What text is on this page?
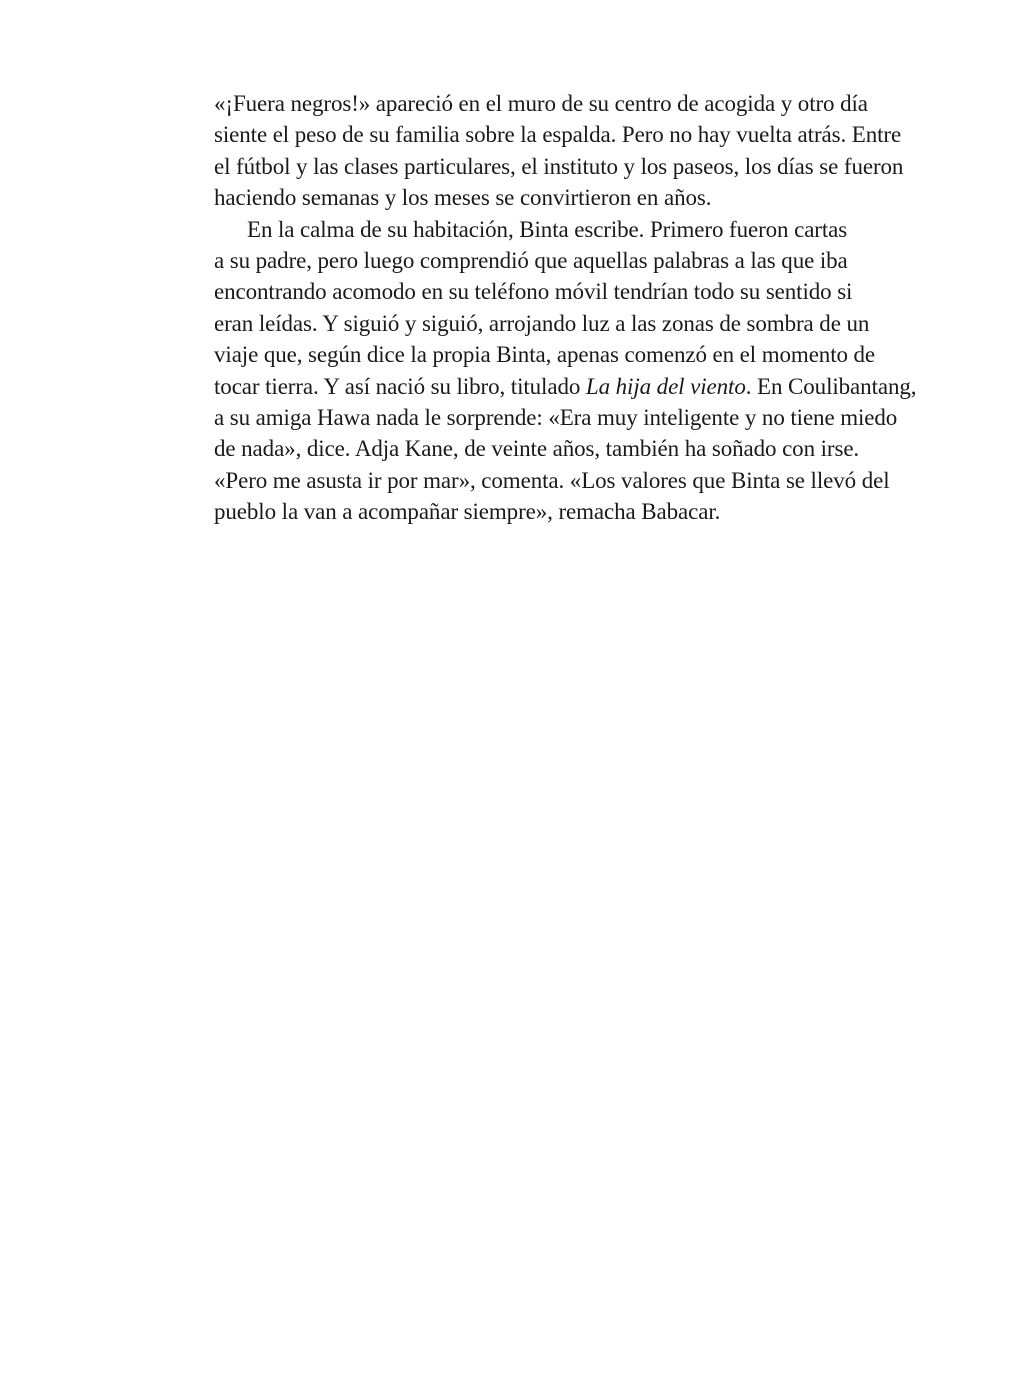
«¡Fuera negros!» apareció en el muro de su centro de acogida y otro día
siente el peso de su familia sobre la espalda. Pero no hay vuelta atrás. Entre
el fútbol y las clases particulares, el instituto y los paseos, los días se fueron
haciendo semanas y los meses se convirtieron en años.
En la calma de su habitación, Binta escribe. Primero fueron cartas
a su padre, pero luego comprendió que aquellas palabras a las que iba
encontrando acomodo en su teléfono móvil tendrían todo su sentido si
eran leídas. Y siguió y siguió, arrojando luz a las zonas de sombra de un
viaje que, según dice la propia Binta, apenas comenzó en el momento de
tocar tierra. Y así nació su libro, titulado La hija del viento. En Coulibantang,
a su amiga Hawa nada le sorprende: «Era muy inteligente y no tiene miedo
de nada», dice. Adja Kane, de veinte años, también ha soñado con irse.
«Pero me asusta ir por mar», comenta. «Los valores que Binta se llevó del
pueblo la van a acompañar siempre», remacha Babacar.
